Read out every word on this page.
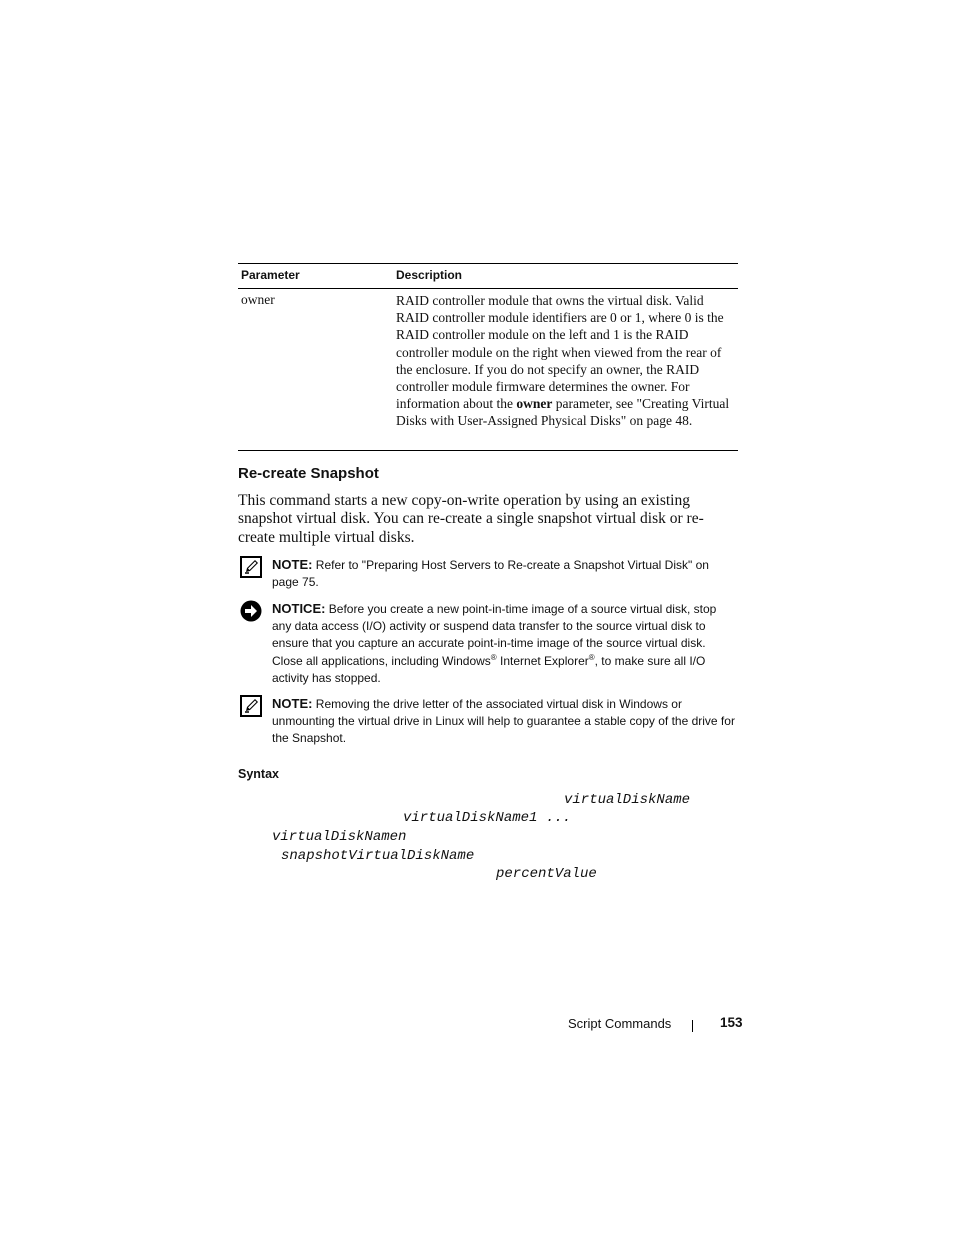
Parameter	Description
owner	RAID controller module that owns the virtual disk. Valid RAID controller module identifiers are 0 or 1, where 0 is the RAID controller module on the left and 1 is the RAID controller module on the right when viewed from the rear of the enclosure. If you do not specify an owner, the RAID controller module firmware determines the owner. For information about the owner parameter, see "Creating Virtual Disks with User-Assigned Physical Disks" on page 48.
Re-create Snapshot

This command starts a new copy-on-write operation by using an existing snapshot virtual disk. You can re-create a single snapshot virtual disk or re-create multiple virtual disks.

NOTE: Refer to "Preparing Host Servers to Re-create a Snapshot Virtual Disk" on page 75.
NOTICE: Before you create a new point-in-time image of a source virtual disk, stop any data access (I/O) activity or suspend data transfer to the source virtual disk to ensure that you capture an accurate point-in-time image of the source virtual disk. Close all applications, including Windows® Internet Explorer®, to make sure all I/O activity has stopped.
NOTE: Removing the drive letter of the associated virtual disk in Windows or unmounting the virtual drive in Linux will help to guarantee a stable copy of the drive for the Snapshot.
Syntax
virtualDiskName
virtualDiskName1 ...
virtualDiskNamen
snapshotVirtualDiskName
percentValue
Script Commands	153
